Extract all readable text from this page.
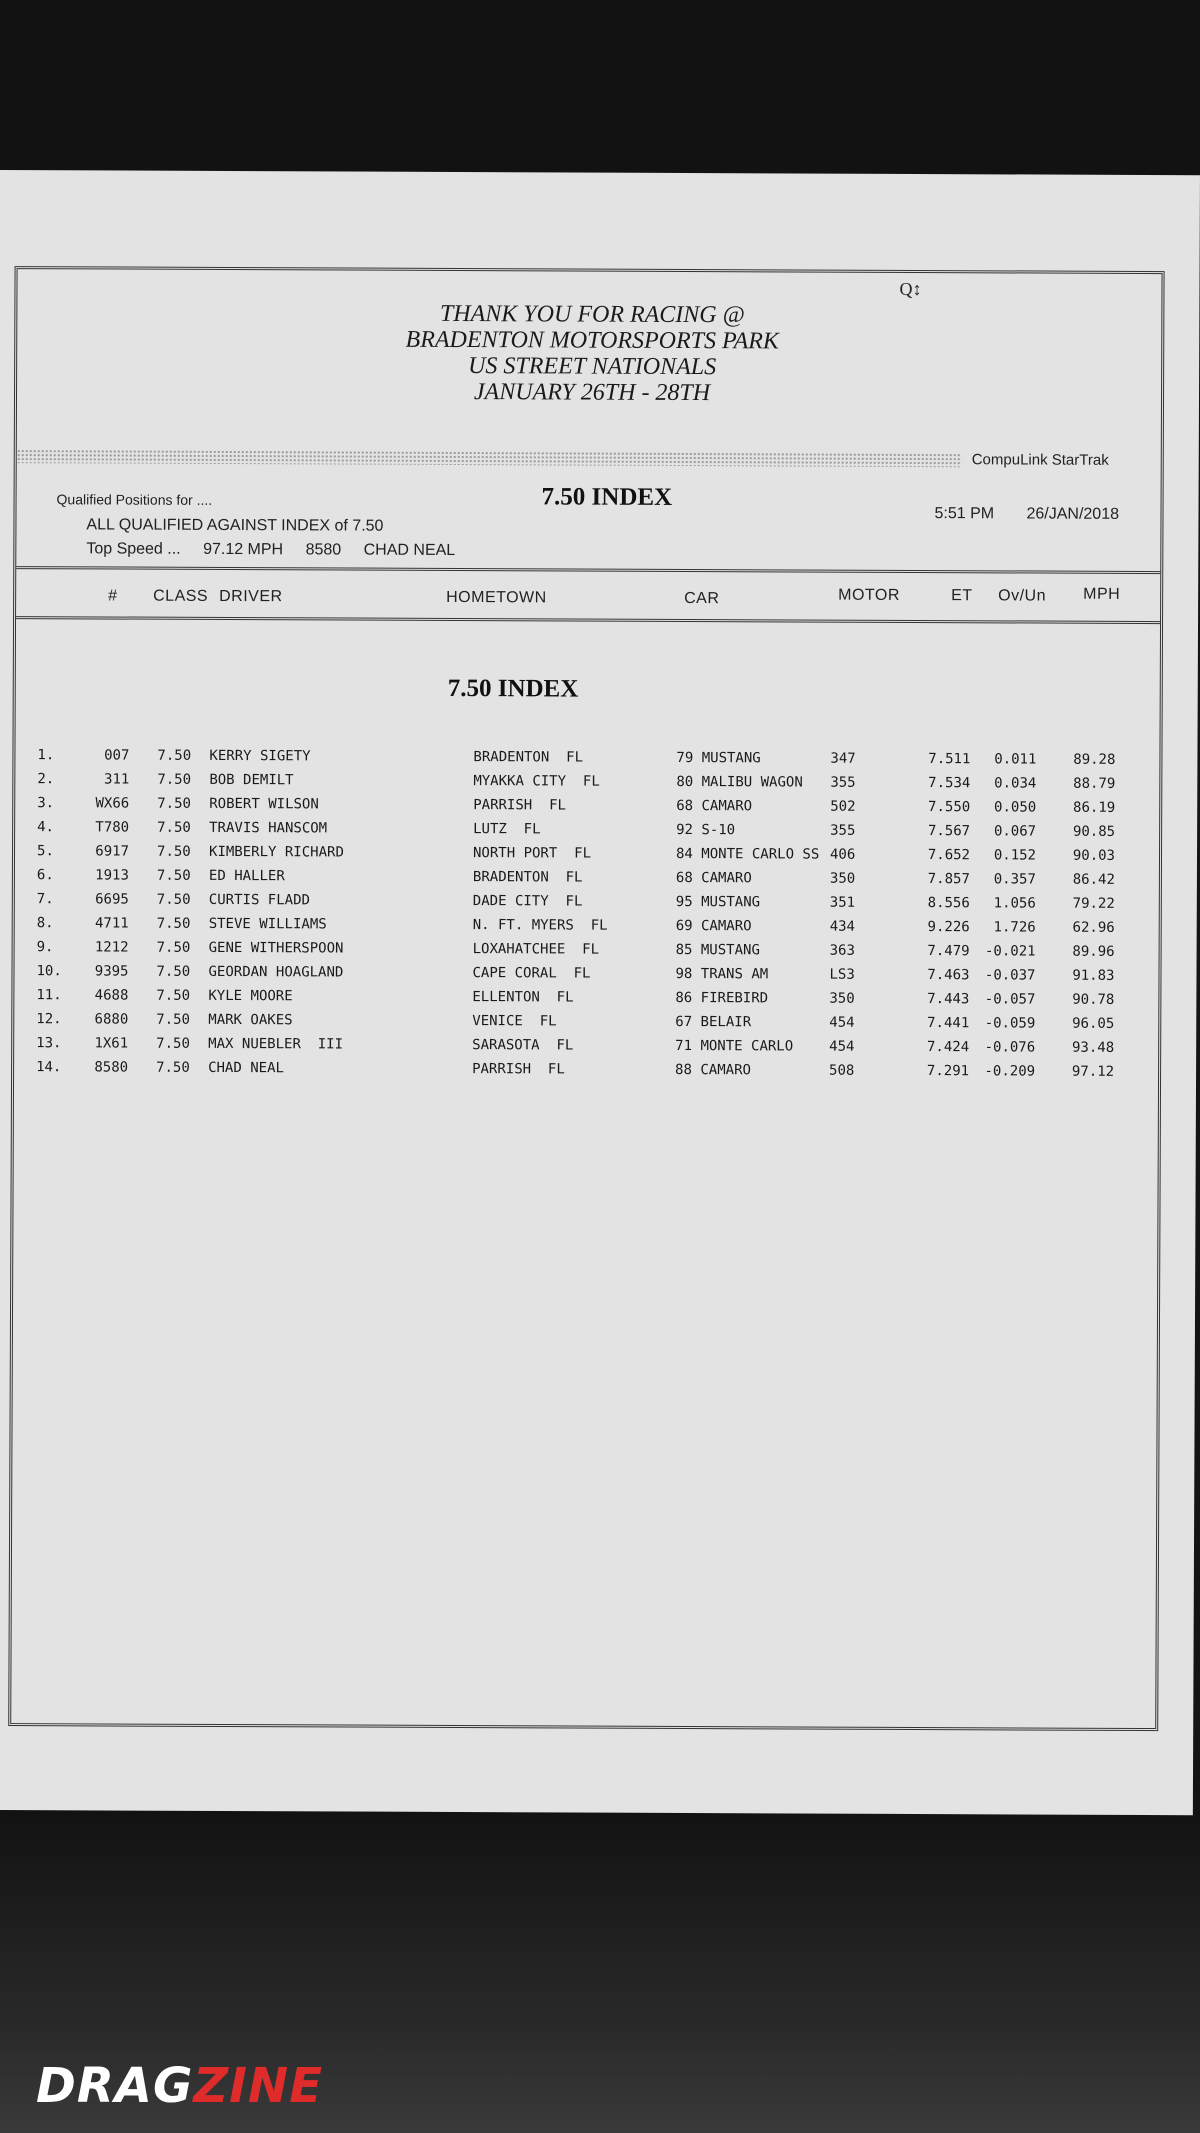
Q↕
THANK YOU FOR RACING @
BRADENTON MOTORSPORTS PARK
US STREET NATIONALS
JANUARY 26TH - 28TH
CompuLink StarTrak
Qualified Positions for ....	7.50 INDEX
ALL QUALIFIED AGAINST INDEX of 7.50
Top Speed ... 97.12 MPH 8580 CHAD NEAL
5:51 PM 26/JAN/2018
# CLASS DRIVER	HOMETOWN	CAR	MOTOR	ET Ov/Un MPH
7.50 INDEX
1.	007 7.50 KERRY SIGETY	BRADENTON  FL	79 MUSTANG	347	7.511	0.011	89.28
2.	311 7.50 BOB DEMILT	MYAKKA CITY  FL	80 MALIBU WAGON 355	7.534	0.034	88.79
3.	WX66 7.50 ROBERT WILSON	PARRISH  FL	68 CAMARO	502	7.550	0.050	86.19
4.	T780 7.50 TRAVIS HANSCOM	LUTZ  FL	92 S-10	355	7.567	0.067	90.85
5.	6917 7.50 KIMBERLY RICHARD	NORTH PORT  FL	84 MONTE CARLO SS 406	7.652	0.152	90.03
6.	1913 7.50 ED HALLER	BRADENTON  FL	68 CAMARO	350	7.857	0.357	86.42
7.	6695 7.50 CURTIS FLADD	DADE CITY  FL	95 MUSTANG	351	8.556	1.056	79.22
8.	4711 7.50 STEVE WILLIAMS	N. FT. MYERS  FL	69 CAMARO	434	9.226	1.726	62.96
9.	1212 7.50 GENE WITHERSPOON	LOXAHATCHEE  FL	85 MUSTANG	363	7.479	-0.021	89.96
10.	9395 7.50 GEORDAN HOAGLAND	CAPE CORAL  FL	98 TRANS AM	LS3	7.463	-0.037	91.83
11.	4688 7.50 KYLE MOORE	ELLENTON  FL	86 FIREBIRD	350	7.443	-0.057	90.78
12.	6880 7.50 MARK OAKES	VENICE  FL	67 BELAIR	454	7.441	-0.059	96.05
13.	1X61 7.50 MAX NUEBLER  III	SARASOTA  FL	71 MONTE CARLO	454	7.424	-0.076	93.48
14.	8580 7.50 CHAD NEAL	PARRISH  FL	88 CAMARO	508	7.291	-0.209	97.12
DRAGZINE
